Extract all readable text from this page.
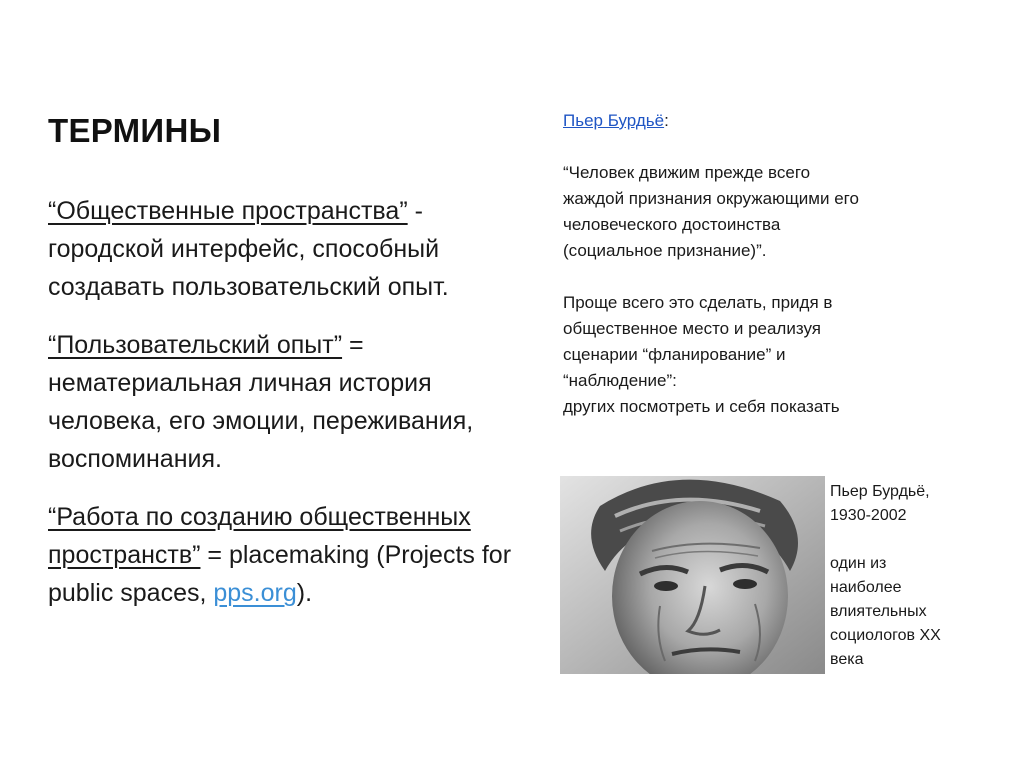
ТЕРМИНЫ

“Общественные пространства” - городской интерфейс, способный создавать пользовательский опыт.

“Пользовательский опыт” = нематериальная личная история человека, его эмоции, переживания, воспоминания.

“Работа по созданию общественных пространств” = placemaking (Projects for public spaces, pps.org).

Пьер Бурдьё:

“Человек движим прежде всего

жаждой признания окружающими его

человеческого достоинства

(социальное признание)”.

Проще всего это сделать, придя в

общественное место и реализуя

сценарии “фланирование” и

“наблюдение”:

других посмотреть и себя показать

Пьер Бурдьё,

1930-2002

один из

наиболее

влиятельных

социологов XX

века
